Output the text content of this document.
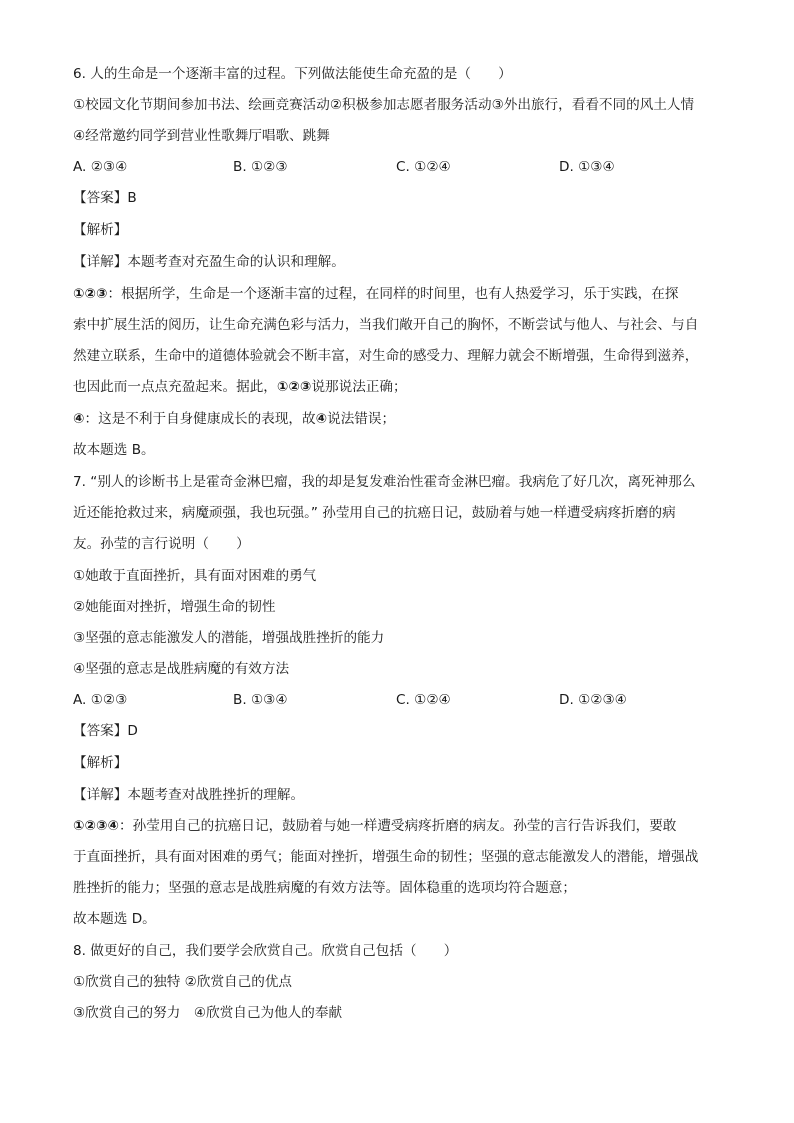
6. 人的生命是一个逐渐丰富的过程。下列做法能使生命充盈的是（　　）
①校园文化节期间参加书法、绘画竞赛活动②积极参加志愿者服务活动③外出旅行，看看不同的风土人情
④经常邀约同学到营业性歌舞厅唱歌、跳舞
A. ②③④	B. ①②③	C. ①②④	D. ①③④
【答案】B
【解析】
【详解】本题考查对充盈生命的认识和理解。
①②③：根据所学，生命是一个逐渐丰富的过程，在同样的时间里，也有人热爱学习，乐于实践，在探
索中扩展生活的阅历，让生命充满色彩与活力，当我们敞开自己的胸怀，不断尝试与他人、与社会、与自
然建立联系，生命中的道德体验就会不断丰富，对生命的感受力、理解力就会不断增强，生命得到滋养，
也因此而一点点充盈起来。据此，①②③说那说法正确；
④：这是不利于自身健康成长的表现，故④说法错误；
故本题选 B。
7. “别人的诊断书上是霍奇金淋巴瘤，我的却是复发难治性霍奇金淋巴瘤。我病危了好几次，离死神那么
近还能抢救过来，病魔顽强，我也玩强。” 孙莹用自己的抗癌日记，鼓励着与她一样遭受病疼折磨的病
友。孙莹的言行说明（　　）
①她敢于直面挫折，具有面对困难的勇气
②她能面对挫折，增强生命的韧性
③坚强的意志能激发人的潜能，增强战胜挫折的能力
④坚强的意志是战胜病魔的有效方法
A. ①②③	B. ①③④	C. ①②④	D. ①②③④
【答案】D
【解析】
【详解】本题考查对战胜挫折的理解。
①②③④：孙莹用自己的抗癌日记，鼓励着与她一样遭受病疼折磨的病友。孙莹的言行告诉我们，要敢
于直面挫折，具有面对困难的勇气；能面对挫折，增强生命的韧性；坚强的意志能激发人的潜能，增强战
胜挫折的能力；坚强的意志是战胜病魔的有效方法等。固体稳重的选项均符合题意；
故本题选 D。
8. 做更好的自己，我们要学会欣赏自己。欣赏自己包括（　　）
①欣赏自己的独特 ②欣赏自己的优点
③欣赏自己的努力　④欣赏自己为他人的奉献
